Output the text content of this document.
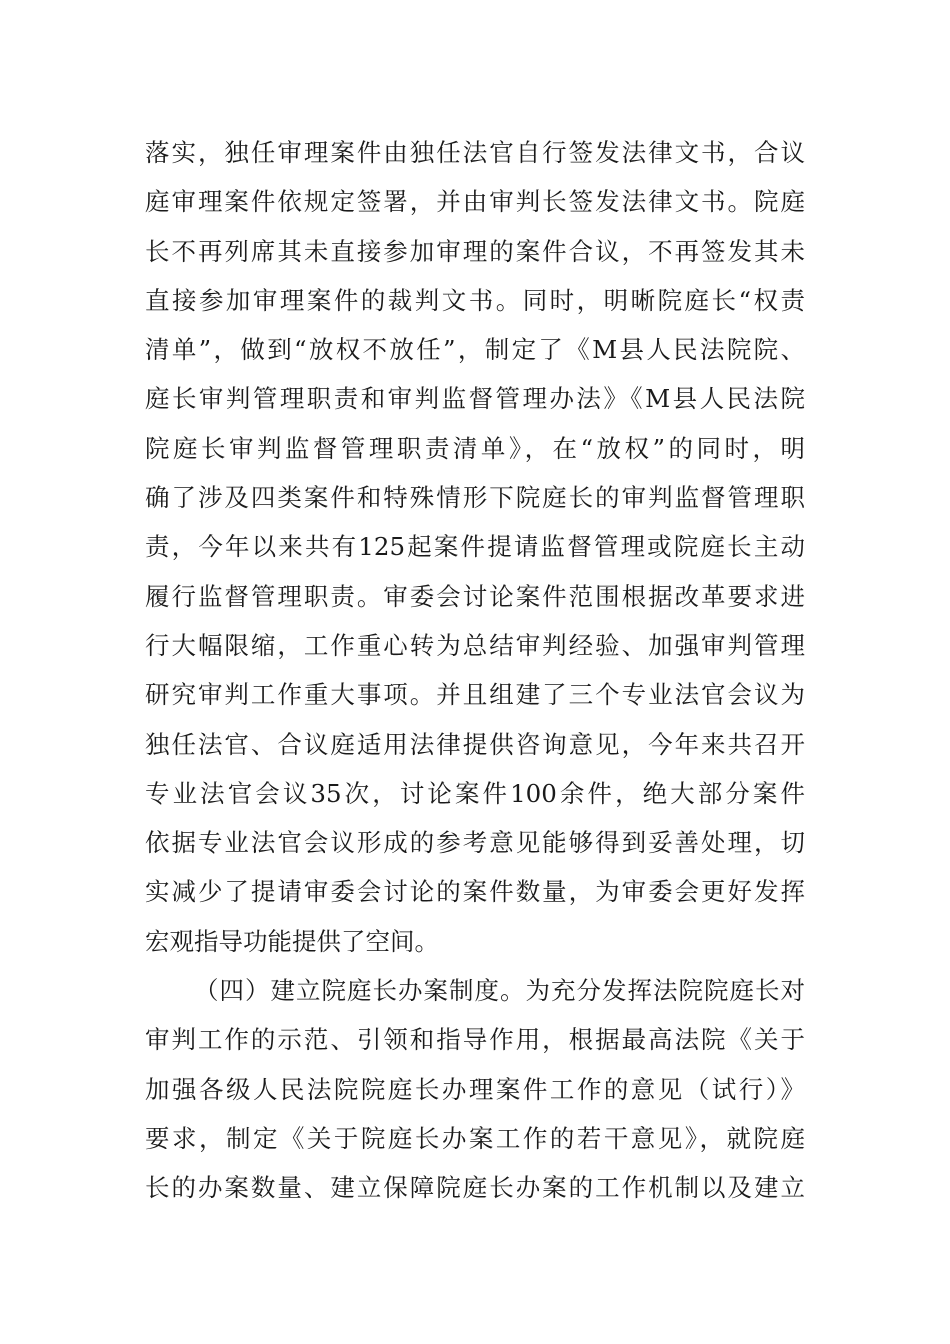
落实，独任审理案件由独任法官自行签发法律文书，合议
庭审理案件依规定签署，并由审判长签发法律文书。院庭
长不再列席其未直接参加审理的案件合议，不再签发其未
直接参加审理案件的裁判文书。同时，明晰院庭长“权责
清单”，做到“放权不放任”，制定了《M县人民法院院、
庭长审判管理职责和审判监督管理办法》《M县人民法院
院庭长审判监督管理职责清单》，在“放权”的同时，明
确了涉及四类案件和特殊情形下院庭长的审判监督管理职
责，今年以来共有125起案件提请监督管理或院庭长主动
履行监督管理职责。审委会讨论案件范围根据改革要求进
行大幅限缩，工作重心转为总结审判经验、加强审判管理
研究审判工作重大事项。并且组建了三个专业法官会议为
独任法官、合议庭适用法律提供咨询意见，今年来共召开
专业法官会议35次，讨论案件100余件，绝大部分案件
依据专业法官会议形成的参考意见能够得到妥善处理，切
实减少了提请审委会讨论的案件数量，为审委会更好发挥
宏观指导功能提供了空间。
（四）建立院庭长办案制度。为充分发挥法院院庭长对
审判工作的示范、引领和指导作用，根据最高法院《关于
加强各级人民法院院庭长办理案件工作的意见（试行）》
要求，制定《关于院庭长办案工作的若干意见》，就院庭
长的办案数量、建立保障院庭长办案的工作机制以及建立
